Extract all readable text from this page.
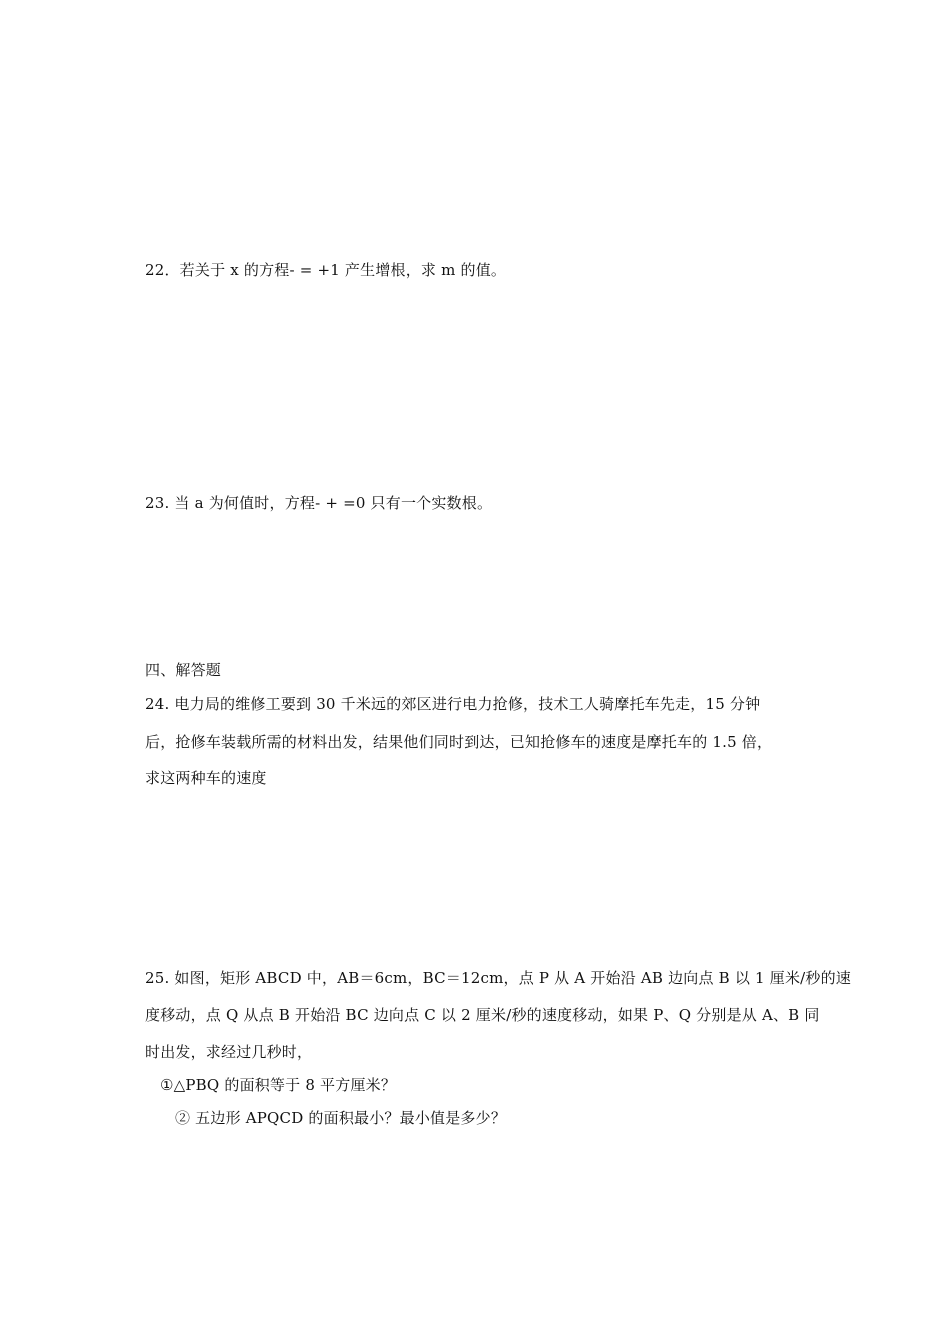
22．若关于 x 的方程- = +1 产生增根，求 m 的值。
23. 当 a 为何值时，方程- + =0 只有一个实数根。
四、解答题
24. 电力局的维修工要到 30 千米远的郊区进行电力抢修，技术工人骑摩托车先走，15 分钟
后，抢修车装载所需的材料出发，结果他们同时到达，已知抢修车的速度是摩托车的 1.5 倍，
求这两种车的速度
25. 如图，矩形 ABCD 中，AB＝6cm，BC＝12cm，点 P 从 A 开始沿 AB 边向点 B 以 1 厘米/秒的速
度移动，点 Q 从点 B 开始沿 BC 边向点 C 以 2 厘米/秒的速度移动，如果 P、Q 分别是从 A、B 同
时出发，求经过几秒时，
①△PBQ 的面积等于 8 平方厘米？
② 五边形 APQCD 的面积最小？最小值是多少？
